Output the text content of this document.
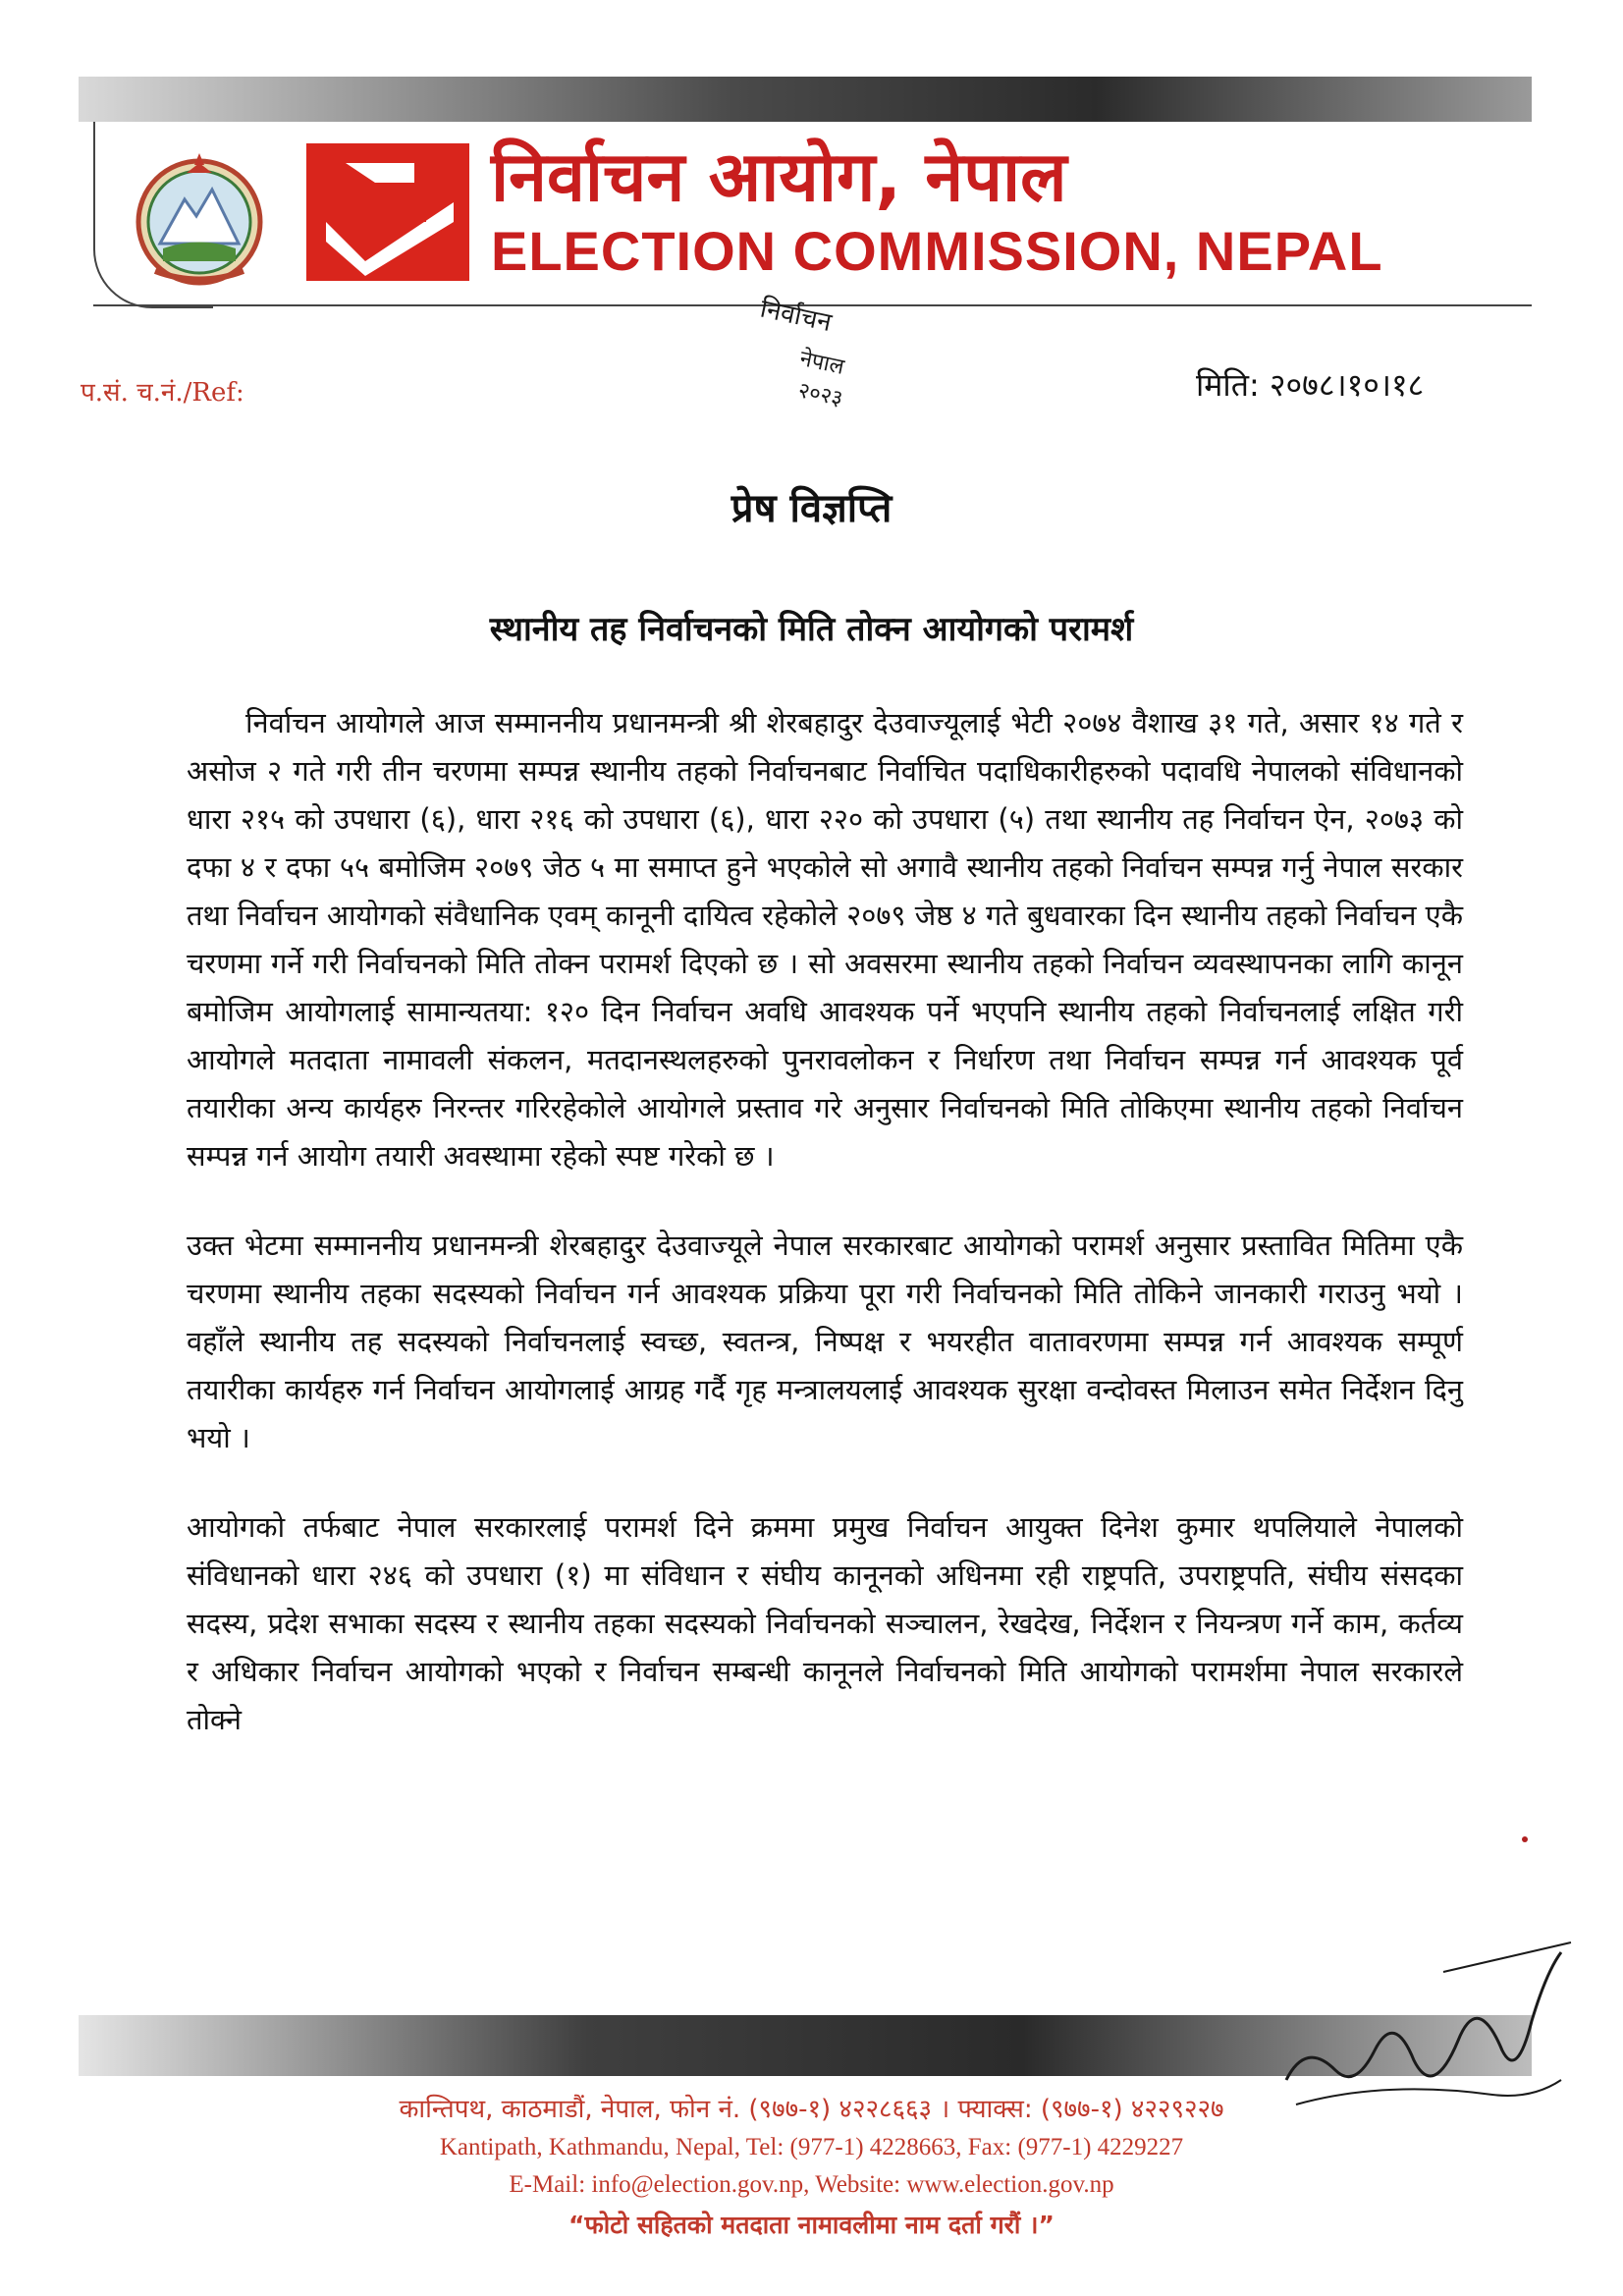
निर्वाचन आयोग, नेपाल
ELECTION COMMISSION, NEPAL
प.सं. च.नं./Ref:
निर्वाचन
नेपाल
२०२३	मिति: २०७८।१०।१८
प्रेष विज्ञप्ति
स्थानीय तह निर्वाचनको मिति तोक्न आयोगको परामर्श

निर्वाचन आयोगले आज सम्माननीय प्रधानमन्त्री श्री शेरबहादुर देउवाज्यूलाई भेटी २०७४ वैशाख ३१ गते, असार १४ गते र असोज २ गते गरी तीन चरणमा सम्पन्न स्थानीय तहको निर्वाचनबाट निर्वाचित पदाधिकारीहरुको पदावधि नेपालको संविधानको धारा २१५ को उपधारा (६), धारा २१६ को उपधारा (६), धारा २२० को उपधारा (५) तथा स्थानीय तह निर्वाचन ऐन, २०७३ को दफा ४ र दफा ५५ बमोजिम २०७९ जेठ ५ मा समाप्त हुने भएकोले सो अगावै स्थानीय तहको निर्वाचन सम्पन्न गर्नु नेपाल सरकार तथा निर्वाचन आयोगको संवैधानिक एवम् कानूनी दायित्व रहेकोले २०७९ जेष्ठ ४ गते बुधवारका दिन स्थानीय तहको निर्वाचन एकै चरणमा गर्ने गरी निर्वाचनको मिति तोक्न परामर्श दिएको छ । सो अवसरमा स्थानीय तहको निर्वाचन व्यवस्थापनका लागि कानून बमोजिम आयोगलाई सामान्यतया: १२० दिन निर्वाचन अवधि आवश्यक पर्ने भएपनि स्थानीय तहको निर्वाचनलाई लक्षित गरी आयोगले मतदाता नामावली संकलन, मतदानस्थलहरुको पुनरावलोकन र निर्धारण तथा निर्वाचन सम्पन्न गर्न आवश्यक पूर्व तयारीका अन्य कार्यहरु निरन्तर गरिरहेकोले आयोगले प्रस्ताव गरे अनुसार निर्वाचनको मिति तोकिएमा स्थानीय तहको निर्वाचन सम्पन्न गर्न आयोग तयारी अवस्थामा रहेको स्पष्ट गरेको छ ।

उक्त भेटमा सम्माननीय प्रधानमन्त्री शेरबहादुर देउवाज्यूले नेपाल सरकारबाट आयोगको परामर्श अनुसार प्रस्तावित मितिमा एकै चरणमा स्थानीय तहका सदस्यको निर्वाचन गर्न आवश्यक प्रक्रिया पूरा गरी निर्वाचनको मिति तोकिने जानकारी गराउनु भयो । वहाँले स्थानीय तह सदस्यको निर्वाचनलाई स्वच्छ, स्वतन्त्र, निष्पक्ष र भयरहीत वातावरणमा सम्पन्न गर्न आवश्यक सम्पूर्ण तयारीका कार्यहरु गर्न निर्वाचन आयोगलाई आग्रह गर्दै गृह मन्त्रालयलाई आवश्यक सुरक्षा वन्दोवस्त मिलाउन समेत निर्देशन दिनु भयो ।

आयोगको तर्फबाट नेपाल सरकारलाई परामर्श दिने क्रममा प्रमुख निर्वाचन आयुक्त दिनेश कुमार थपलियाले नेपालको संविधानको धारा २४६ को उपधारा (१) मा संविधान र संघीय कानूनको अधिनमा रही राष्ट्रपति, उपराष्ट्रपति, संघीय संसदका सदस्य, प्रदेश सभाका सदस्य र स्थानीय तहका सदस्यको निर्वाचनको सञ्चालन, रेखदेख, निर्देशन र नियन्त्रण गर्ने काम, कर्तव्य र अधिकार निर्वाचन आयोगको भएको र निर्वाचन सम्बन्धी कानूनले निर्वाचनको मिति आयोगको परामर्शमा नेपाल सरकारले तोक्ने

कान्तिपथ, काठमाडौं, नेपाल, फोन नं. (९७७-१) ४२२८६६३ । फ्याक्स: (९७७-१) ४२२९२२७
Kantipath, Kathmandu, Nepal, Tel: (977-1) 4228663, Fax: (977-1) 4229227
E-Mail: info@election.gov.np, Website: www.election.gov.np
“फोटो सहितको मतदाता नामावलीमा नाम दर्ता गरौं ।”
